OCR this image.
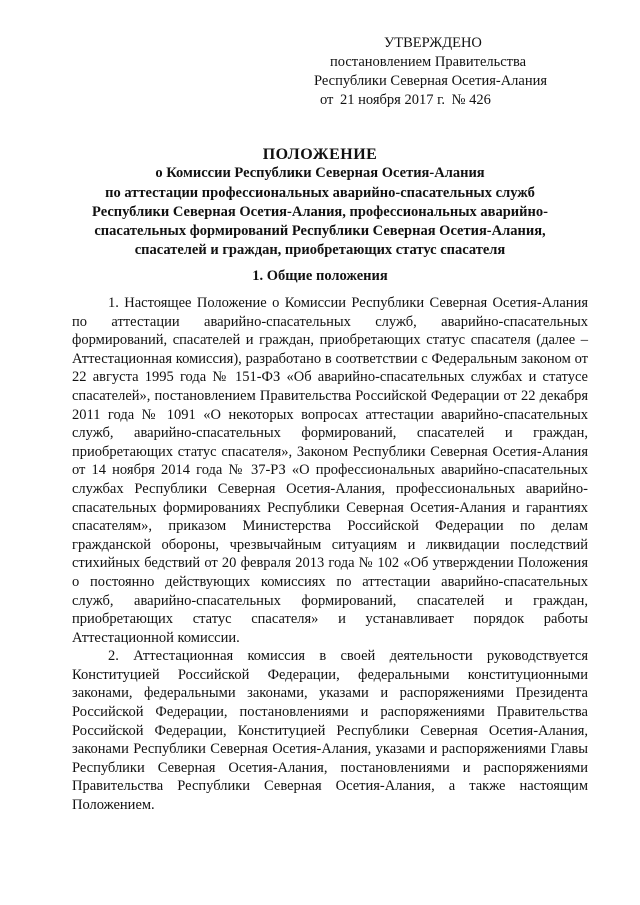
УТВЕРЖДЕНО
постановлением Правительства
Республики Северная Осетия-Алания
от 21 ноября 2017 г. № 426
ПОЛОЖЕНИЕ
о Комиссии Республики Северная Осетия-Алания
по аттестации профессиональных аварийно-спасательных служб
Республики Северная Осетия-Алания, профессиональных аварийно-
спасательных формирований Республики Северная Осетия-Алания,
спасателей и граждан, приобретающих статус спасателя
1. Общие положения

1. Настоящее Положение о Комиссии Республики Северная Осетия-Алания по аттестации аварийно-спасательных служб, аварийно-спасательных формирований, спасателей и граждан, приобретающих статус спасателя (далее – Аттестационная комиссия), разработано в соответствии с Федеральным законом от 22 августа 1995 года № 151-ФЗ «Об аварийно-спасательных службах и статусе спасателей», постановлением Правительства Российской Федерации от 22 декабря 2011 года № 1091 «О некоторых вопросах аттестации аварийно-спасательных служб, аварийно-спасательных формирований, спасателей и граждан, приобретающих статус спасателя», Законом Республики Северная Осетия-Алания от 14 ноября 2014 года № 37-РЗ «О профессиональных аварийно-спасательных службах Республики Северная Осетия-Алания, профессиональных аварийно-спасательных формированиях Республики Северная Осетия-Алания и гарантиях спасателям», приказом Министерства Российской Федерации по делам гражданской обороны, чрезвычайным ситуациям и ликвидации последствий стихийных бедствий от 20 февраля 2013 года № 102 «Об утверждении Положения о постоянно действующих комиссиях по аттестации аварийно-спасательных служб, аварийно-спасательных формирований, спасателей и граждан, приобретающих статус спасателя» и устанавливает порядок работы Аттестационной комиссии.

2. Аттестационная комиссия в своей деятельности руководствуется Конституцией Российской Федерации, федеральными конституционными законами, федеральными законами, указами и распоряжениями Президента Российской Федерации, постановлениями и распоряжениями Правительства Российской Федерации, Конституцией Республики Северная Осетия-Алания, законами Республики Северная Осетия-Алания, указами и распоряжениями Главы Республики Северная Осетия-Алания, постановлениями и распоряжениями Правительства Республики Северная Осетия-Алания, а также настоящим Положением.
